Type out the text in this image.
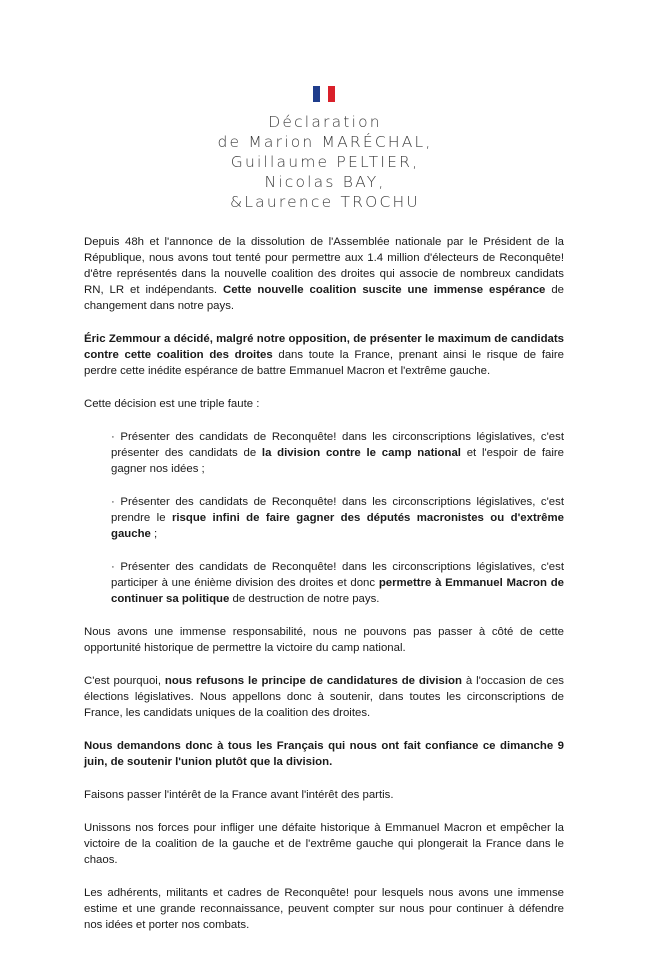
Déclaration
de Marion MARÉCHAL,
Guillaume PELTIER,
Nicolas BAY,
&Laurence TROCHU

Depuis 48h et l'annonce de la dissolution de l'Assemblée nationale par le Président de la République, nous avons tout tenté pour permettre aux 1.4 million d'électeurs de Reconquête! d'être représentés dans la nouvelle coalition des droites qui associe de nombreux candidats RN, LR et indépendants. Cette nouvelle coalition suscite une immense espérance de changement dans notre pays.

Éric Zemmour a décidé, malgré notre opposition, de présenter le maximum de candidats contre cette coalition des droites dans toute la France, prenant ainsi le risque de faire perdre cette inédite espérance de battre Emmanuel Macron et l'extrême gauche.

Cette décision est une triple faute :

· Présenter des candidats de Reconquête! dans les circonscriptions législatives, c'est présenter des candidats de la division contre le camp national et l'espoir de faire gagner nos idées ;

· Présenter des candidats de Reconquête! dans les circonscriptions législatives, c'est prendre le risque infini de faire gagner des députés macronistes ou d'extrême gauche ;

· Présenter des candidats de Reconquête! dans les circonscriptions législatives, c'est participer à une énième division des droites et donc permettre à Emmanuel Macron de continuer sa politique de destruction de notre pays.

Nous avons une immense responsabilité, nous ne pouvons pas passer à côté de cette opportunité historique de permettre la victoire du camp national.

C'est pourquoi, nous refusons le principe de candidatures de division à l'occasion de ces élections législatives. Nous appellons donc à soutenir, dans toutes les circonscriptions de France, les candidats uniques de la coalition des droites.

Nous demandons donc à tous les Français qui nous ont fait confiance ce dimanche 9 juin, de soutenir l'union plutôt que la division.

Faisons passer l'intérêt de la France avant l'intérêt des partis.

Unissons nos forces pour infliger une défaite historique à Emmanuel Macron et empêcher la victoire de la coalition de la gauche et de l'extrême gauche qui plongerait la France dans le chaos.

Les adhérents, militants et cadres de Reconquête! pour lesquels nous avons une immense estime et une grande reconnaissance, peuvent compter sur nous pour continuer à défendre nos idées et porter nos combats.
